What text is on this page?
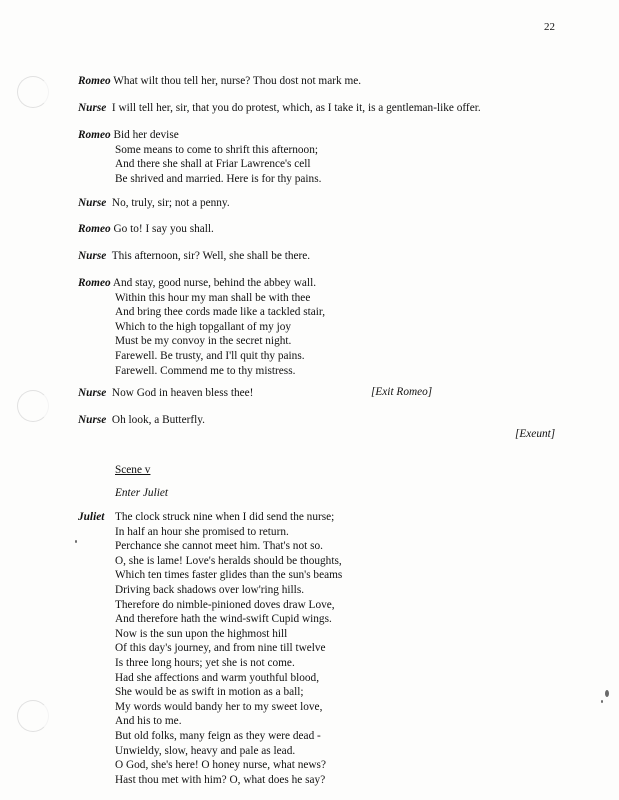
22
Romeo What wilt thou tell her, nurse? Thou dost not mark me.
Nurse I will tell her, sir, that you do protest, which, as I take it, is a gentleman-like offer.
Romeo Bid her devise
Some means to come to shrift this afternoon;
And there she shall at Friar Lawrence's cell
Be shrived and married. Here is for thy pains.
Nurse No, truly, sir; not a penny.
Romeo Go to! I say you shall.
Nurse This afternoon, sir? Well, she shall be there.
Romeo And stay, good nurse, behind the abbey wall.
Within this hour my man shall be with thee
And bring thee cords made like a tackled stair,
Which to the high topgallant of my joy
Must be my convoy in the secret night.
Farewell. Be trusty, and I'll quit thy pains.
Farewell. Commend me to thy mistress.
Nurse Now God in heaven bless thee!	[Exit Romeo]
Nurse  Oh look, a Butterfly.
[Exeunt]
Scene v
Enter Juliet
Juliet The clock struck nine when I did send the nurse;
In half an hour she promised to return.
Perchance she cannot meet him. That's not so.
O, she is lame! Love's heralds should be thoughts,
Which ten times faster glides than the sun's beams
Driving back shadows over low'ring hills.
Therefore do nimble-pinioned doves draw Love,
And therefore hath the wind-swift Cupid wings.
Now is the sun upon the highmost hill
Of this day's journey, and from nine till twelve
Is three long hours; yet she is not come.
Had she affections and warm youthful blood,
She would be as swift in motion as a ball;
My words would bandy her to my sweet love,
And his to me.
But old folks, many feign as they were dead -
Unwieldy, slow, heavy and pale as lead.
O God, she's here! O honey nurse, what news?
Hast thou met with him? O, what does he say?
